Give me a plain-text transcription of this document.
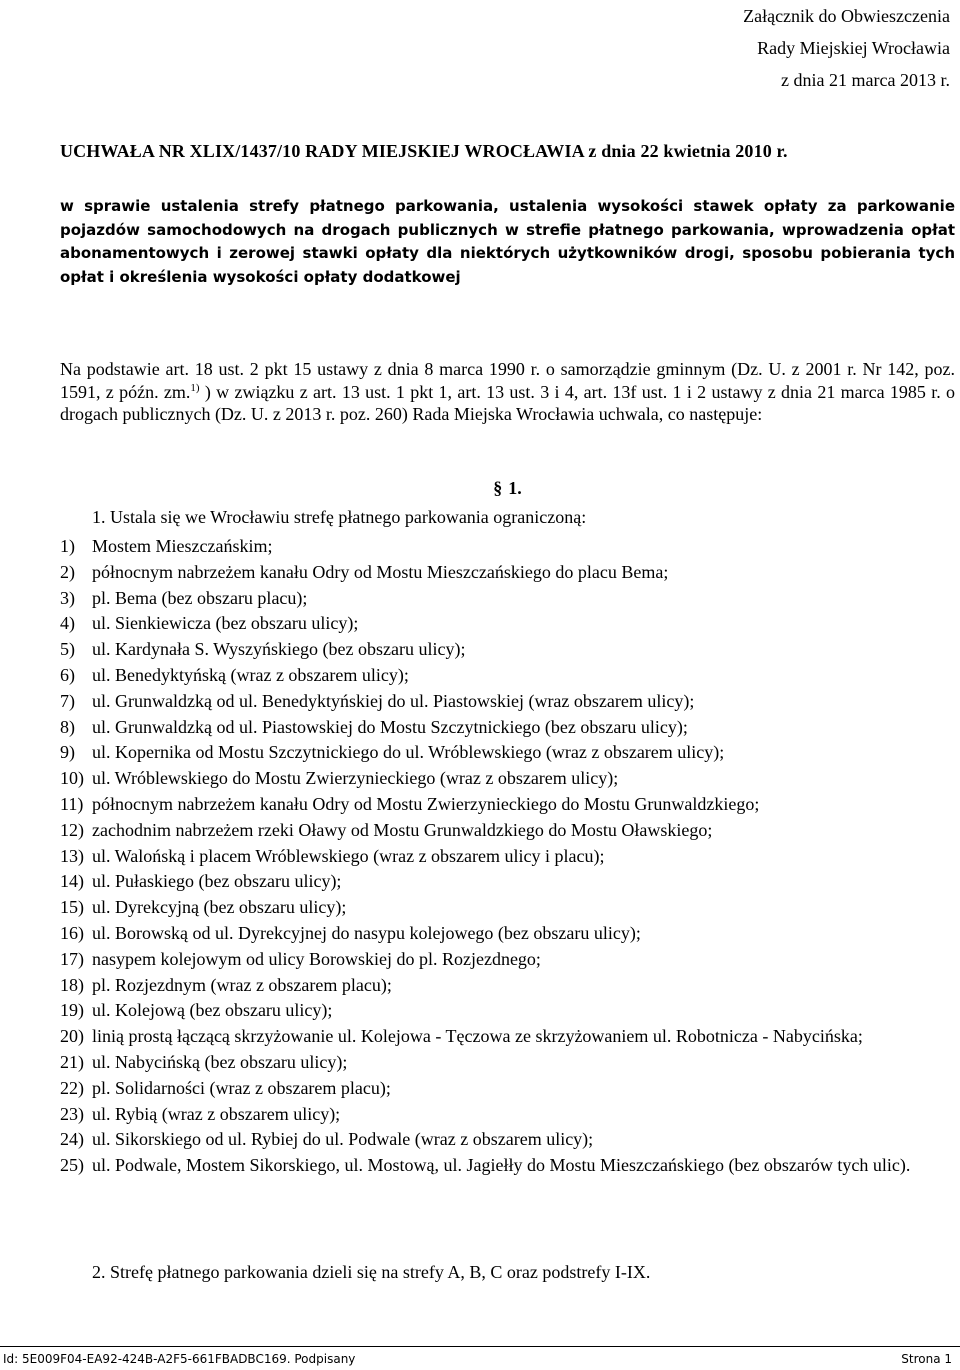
Załącznik do Obwieszczenia
Rady Miejskiej Wrocławia
z dnia 21 marca 2013 r.
UCHWAŁA NR XLIX/1437/10 RADY MIEJSKIEJ WROCŁAWIA z dnia 22 kwietnia 2010 r.
w sprawie ustalenia strefy płatnego parkowania, ustalenia wysokości stawek opłaty za parkowanie pojazdów samochodowych na drogach publicznych w strefie płatnego parkowania, wprowadzenia opłat abonamentowych i zerowej stawki opłaty dla niektórych użytkowników drogi, sposobu pobierania tych opłat i określenia wysokości opłaty dodatkowej
Na podstawie art. 18 ust. 2 pkt 15 ustawy z dnia 8 marca 1990 r. o samorządzie gminnym (Dz. U. z 2001 r. Nr 142, poz. 1591, z późn. zm.$^{1)}$ ) w związku z art. 13 ust. 1 pkt 1, art. 13 ust. 3 i 4, art. 13f ust. 1 i 2 ustawy z dnia 21 marca 1985 r. o drogach publicznych (Dz. U. z 2013 r. poz. 260) Rada Miejska Wrocławia uchwala, co następuje:
§ 1.
1. Ustala się we Wrocławiu strefę płatnego parkowania ograniczoną:
1) Mostem Mieszczańskim;
2) północnym nabrzeżem kanału Odry od Mostu Mieszczańskiego do placu Bema;
3) pl. Bema (bez obszaru placu);
4) ul. Sienkiewicza (bez obszaru ulicy);
5) ul. Kardynała S. Wyszyńskiego (bez obszaru ulicy);
6) ul. Benedyktyńską (wraz z obszarem ulicy);
7) ul. Grunwaldzką od ul. Benedyktyńskiej do ul. Piastowskiej (wraz obszarem ulicy);
8) ul. Grunwaldzką od ul. Piastowskiej do Mostu Szczytnickiego (bez obszaru ulicy);
9) ul. Kopernika od Mostu Szczytnickiego do ul. Wróblewskiego (wraz z obszarem ulicy);
10) ul. Wróblewskiego do Mostu Zwierzynieckiego (wraz z obszarem ulicy);
11) północnym nabrzeżem kanału Odry od Mostu Zwierzynieckiego do Mostu Grunwaldzkiego;
12) zachodnim nabrzeżem rzeki Oławy od Mostu Grunwaldzkiego do Mostu Oławskiego;
13) ul. Walońską i placem Wróblewskiego (wraz z obszarem ulicy i placu);
14) ul. Pułaskiego (bez obszaru ulicy);
15) ul. Dyrekcyjną (bez obszaru ulicy);
16) ul. Borowską od ul. Dyrekcyjnej do nasypu kolejowego (bez obszaru ulicy);
17) nasypem kolejowym od ulicy Borowskiej do pl. Rozjezdnego;
18) pl. Rozjezdnym (wraz z obszarem placu);
19) ul. Kolejową (bez obszaru ulicy);
20) linią prostą łączącą skrzyżowanie ul. Kolejowa - Tęczowa ze skrzyżowaniem ul. Robotnicza - Nabycińska;
21) ul. Nabycińską (bez obszaru ulicy);
22) pl. Solidarności (wraz z obszarem placu);
23) ul. Rybią (wraz z obszarem ulicy);
24) ul. Sikorskiego od ul. Rybiej do ul. Podwale (wraz z obszarem ulicy);
25) ul. Podwale, Mostem Sikorskiego, ul. Mostową, ul. Jagiełły do Mostu Mieszczańskiego (bez obszarów tych ulic).
2. Strefę płatnego parkowania dzieli się na strefy A, B, C oraz podstrefy I-IX.
Id: 5E009F04-EA92-424B-A2F5-661FBADBC169. Podpisany	Strona 1
